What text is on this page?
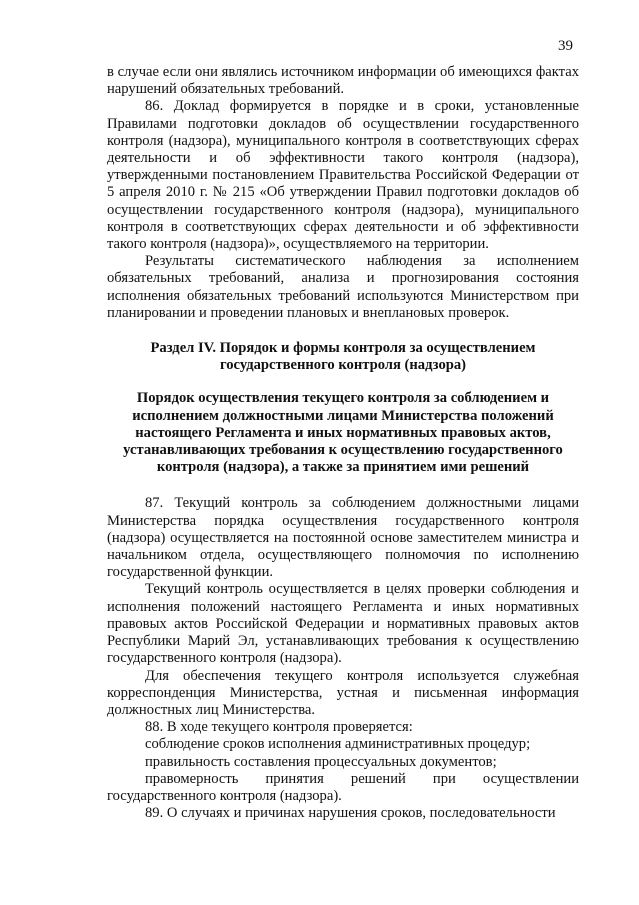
39

в случае если они являлись источником информации об имеющихся фактах нарушений обязательных требований.

86. Доклад формируется в порядке и в сроки, установленные Правилами подготовки докладов об осуществлении государственного контроля (надзора), муниципального контроля в соответствующих сферах деятельности и об эффективности такого контроля (надзора), утвержденными постановлением Правительства Российской Федерации от 5 апреля 2010 г. № 215 «Об утверждении Правил подготовки докладов об осуществлении государственного контроля (надзора), муниципального контроля в соответствующих сферах деятельности и об эффективности такого контроля (надзора)», осуществляемого на территории.

Результаты систематического наблюдения за исполнением обязательных требований, анализа и прогнозирования состояния исполнения обязательных требований используются Министерством при планировании и проведении плановых и внеплановых проверок.

Раздел IV. Порядок и формы контроля за осуществлением государственного контроля (надзора)

Порядок осуществления текущего контроля за соблюдением и исполнением должностными лицами Министерства положений настоящего Регламента и иных нормативных правовых актов, устанавливающих требования к осуществлению государственного контроля (надзора), а также за принятием ими решений

87. Текущий контроль за соблюдением должностными лицами Министерства порядка осуществления государственного контроля (надзора) осуществляется на постоянной основе заместителем министра и начальником отдела, осуществляющего полномочия по исполнению государственной функции.

Текущий контроль осуществляется в целях проверки соблюдения и исполнения положений настоящего Регламента и иных нормативных правовых актов Российской Федерации и нормативных правовых актов Республики Марий Эл, устанавливающих требования к осуществлению государственного контроля (надзора).

Для обеспечения текущего контроля используется служебная корреспонденция Министерства, устная и письменная информация должностных лиц Министерства.

88. В ходе текущего контроля проверяется:

соблюдение сроков исполнения административных процедур;

правильность составления процессуальных документов;

правомерность принятия решений при осуществлении государственного контроля (надзора).

89. О случаях и причинах нарушения сроков, последовательности
